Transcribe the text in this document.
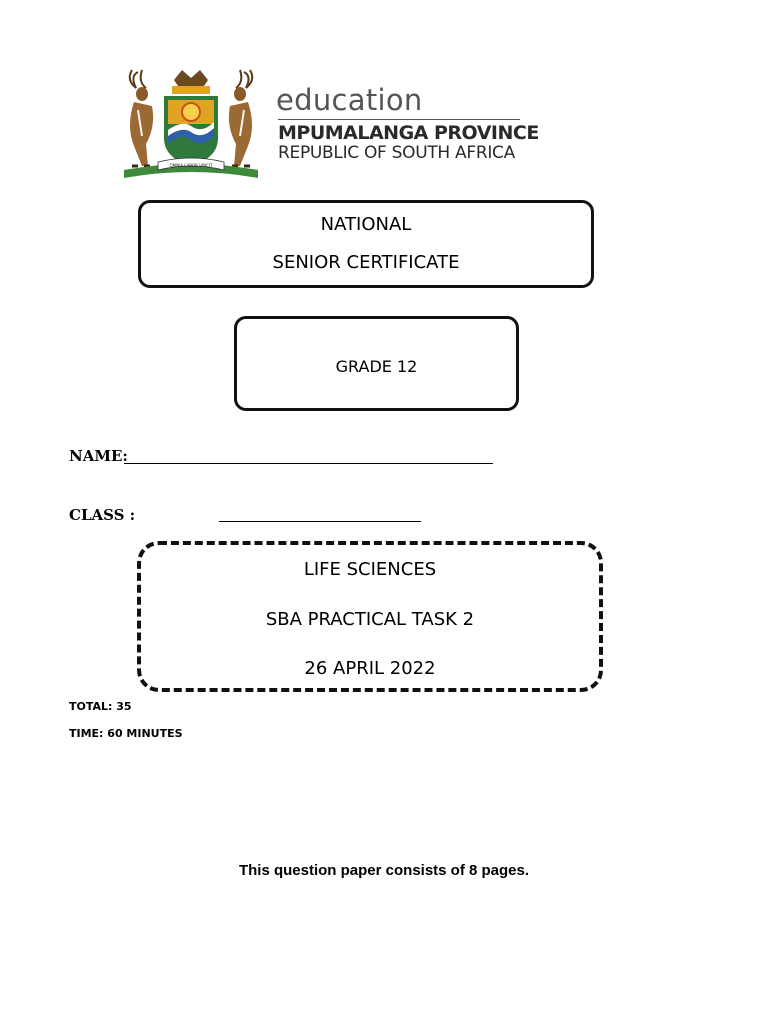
OMNIA LABOR VINCIT
education
MPUMALANGA PROVINCE
REPUBLIC OF SOUTH AFRICA
NATIONAL
SENIOR CERTIFICATE
GRADE 12
NAME:
CLASS :
LIFE SCIENCES
SBA PRACTICAL TASK 2
26 APRIL 2022
TOTAL: 35
TIME: 60 MINUTES
This question paper consists of 8 pages.
